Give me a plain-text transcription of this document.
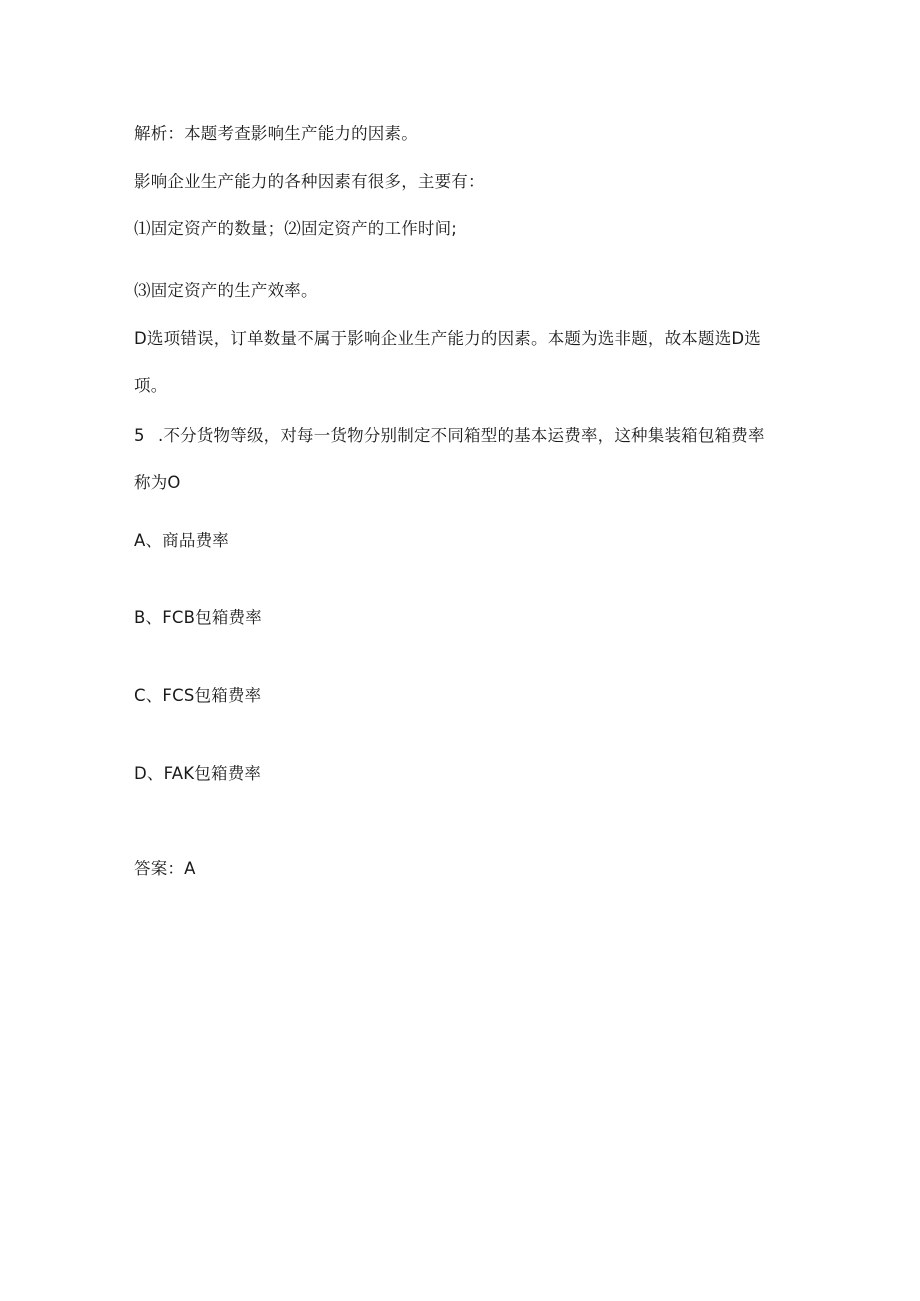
解析：本题考查影响生产能力的因素。
影响企业生产能力的各种因素有很多，主要有：
⑴固定资产的数量；⑵固定资产的工作时间;
⑶固定资产的生产效率。
D选项错误，订单数量不属于影响企业生产能力的因素。本题为选非题，故本题选D选
项。
5 .不分货物等级，对每一货物分别制定不同箱型的基本运费率，这种集装箱包箱费率
称为O
A、商品费率
B、FCB包箱费率
C、FCS包箱费率
D、FAK包箱费率
答案：A
